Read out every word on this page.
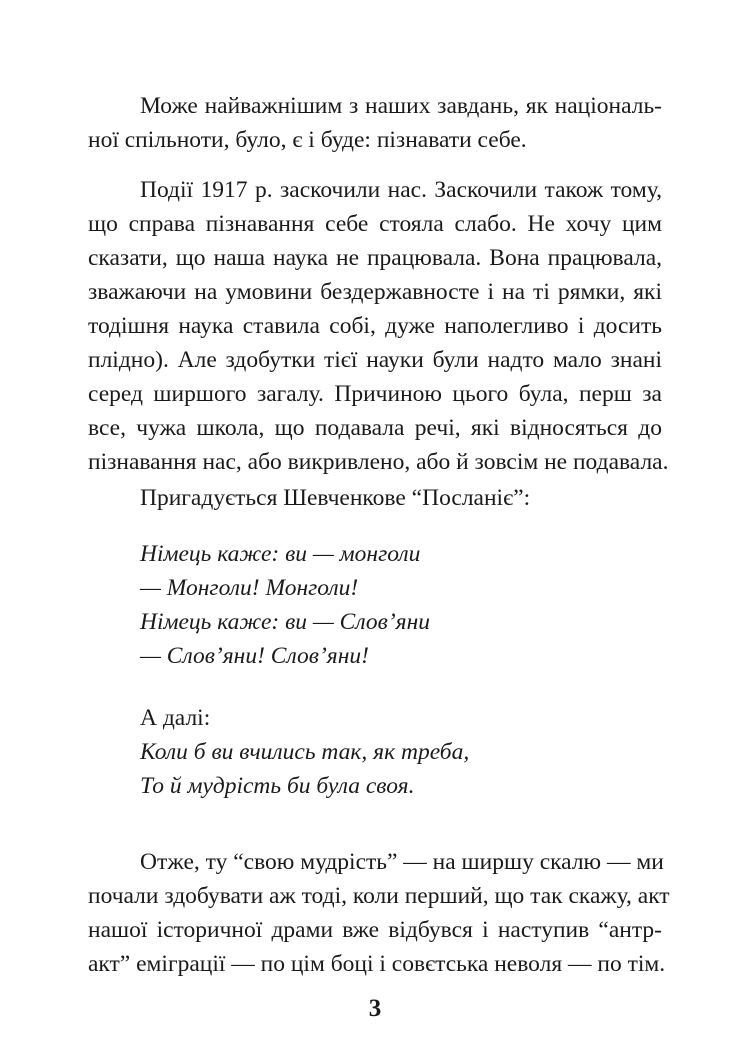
Може найважнішим з наших завдань, як національ-
ної спільноти, було, є і буде: пізнавати себе.
Події 1917 р. заскочили нас. Заскочили також тому,
що справа пізнавання себе стояла слабо. Не хочу цим
сказати, що наша наука не працювала. Вона працювала,
зважаючи на умовини бездержавносте і на ті рямки, які
тодішня наука ставила собі, дуже наполегливо і досить
плідно). Але здобутки тієї науки були надто мало знані
серед ширшого загалу. Причиною цього була, перш за
все, чужа школа, що подавала речі, які відносяться до
пізнавання нас, або викривлено, або й зовсім не подавала.
Пригадується Шевченкове “Посланіє”:
Німець каже: ви — монголи
— Монголи! Монголи!
Німець каже: ви — Слов’яни
— Слов’яни! Слов’яни!
А далі:
Коли б ви вчились так, як треба,
То й мудрість би була своя.
Отже, ту “свою мудрість” — на ширшу скалю — ми
почали здобувати аж тоді, коли перший, що так скажу, акт
нашої історичної драми вже відбувся і наступив “антр-
акт” еміграції — по цім боці і совєтська неволя — по тім.
3
